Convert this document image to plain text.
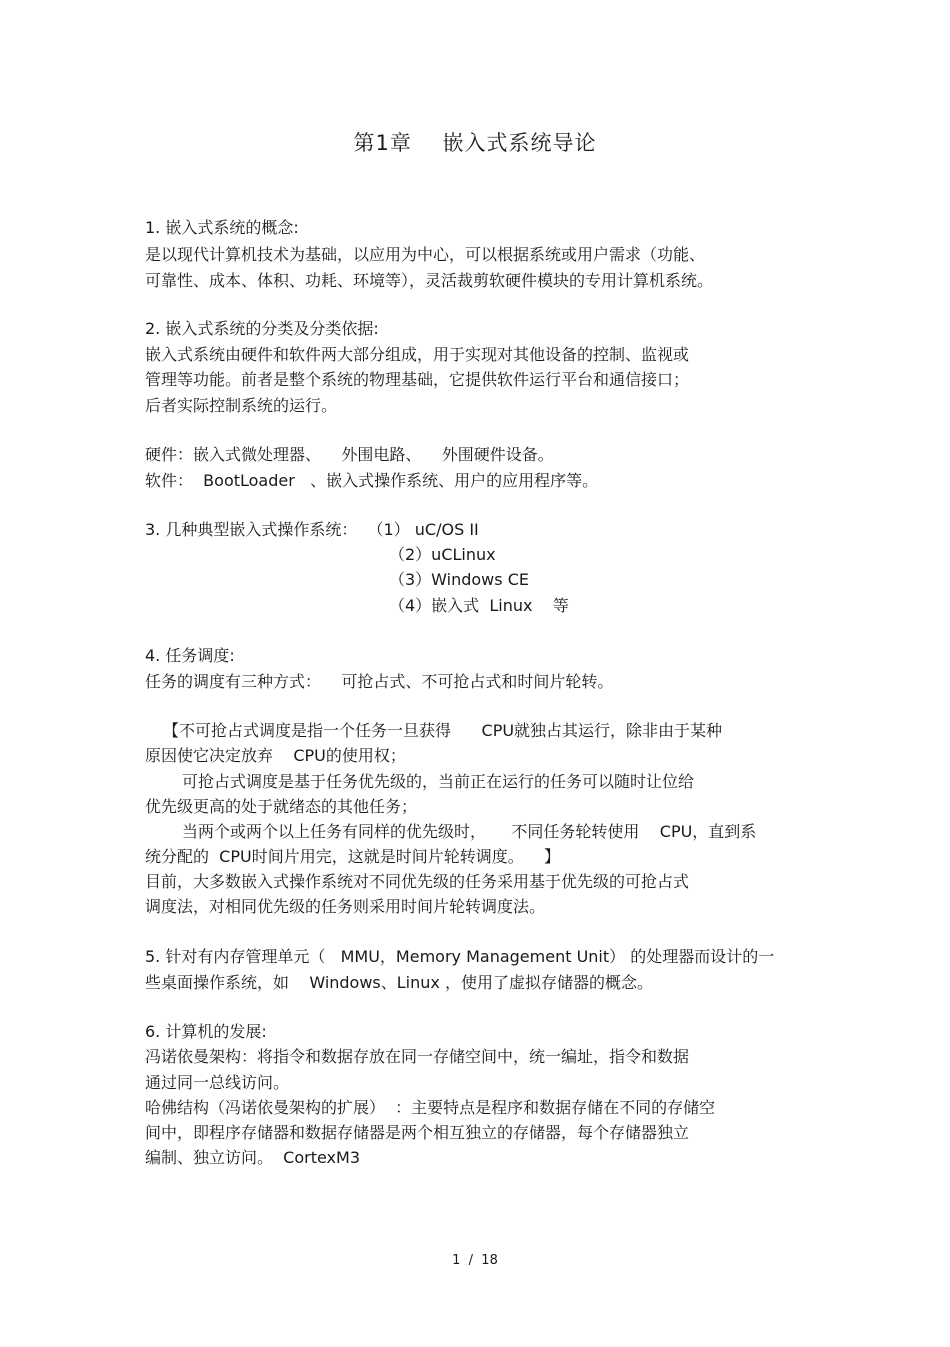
第1章    嵌入式系统导论
1. 嵌入式系统的概念:
是以现代计算机技术为基础，以应用为中心，可以根据系统或用户需求（功能、
可靠性、成本、体积、功耗、环境等），灵活裁剪软硬件模块的专用计算机系统。
2. 嵌入式系统的分类及分类依据:
嵌入式系统由硬件和软件两大部分组成，用于实现对其他设备的控制、监视或
管理等功能。前者是整个系统的物理基础，它提供软件运行平台和通信接口；
后者实际控制系统的运行。
硬件：嵌入式微处理器、    外围电路、    外围硬件设备。
软件：  BootLoader   、嵌入式操作系统、用户的应用程序等。
3. 几种典型嵌入式操作系统：  （1） uC/OS II
（2）uCLinux
（3）Windows CE
（4）嵌入式  Linux    等
4. 任务调度:
任务的调度有三种方式：    可抢占式、不可抢占式和时间片轮转。
【不可抢占式调度是指一个任务一旦获得      CPU就独占其运行，除非由于某种
原因使它决定放弃    CPU的使用权；
可抢占式调度是基于任务优先级的，当前正在运行的任务可以随时让位给
优先级更高的处于就绪态的其他任务；
当两个或两个以上任务有同样的优先级时，     不同任务轮转使用    CPU，直到系
统分配的  CPU时间片用完，这就是时间片轮转调度。    】
目前，大多数嵌入式操作系统对不同优先级的任务采用基于优先级的可抢占式
调度法，对相同优先级的任务则采用时间片轮转调度法。
5. 针对有内存管理单元（   MMU，Memory Management Unit） 的处理器而设计的一
些桌面操作系统，如    Windows、Linux ，使用了虚拟存储器的概念。
6. 计算机的发展:
冯诺依曼架构：将指令和数据存放在同一存储空间中，统一编址，指令和数据
通过同一总线访问。
哈佛结构（冯诺依曼架构的扩展）  ：主要特点是程序和数据存储在不同的存储空
间中，即程序存储器和数据存储器是两个相互独立的存储器，每个存储器独立
编制、独立访问。  CortexM3
1  /  18
